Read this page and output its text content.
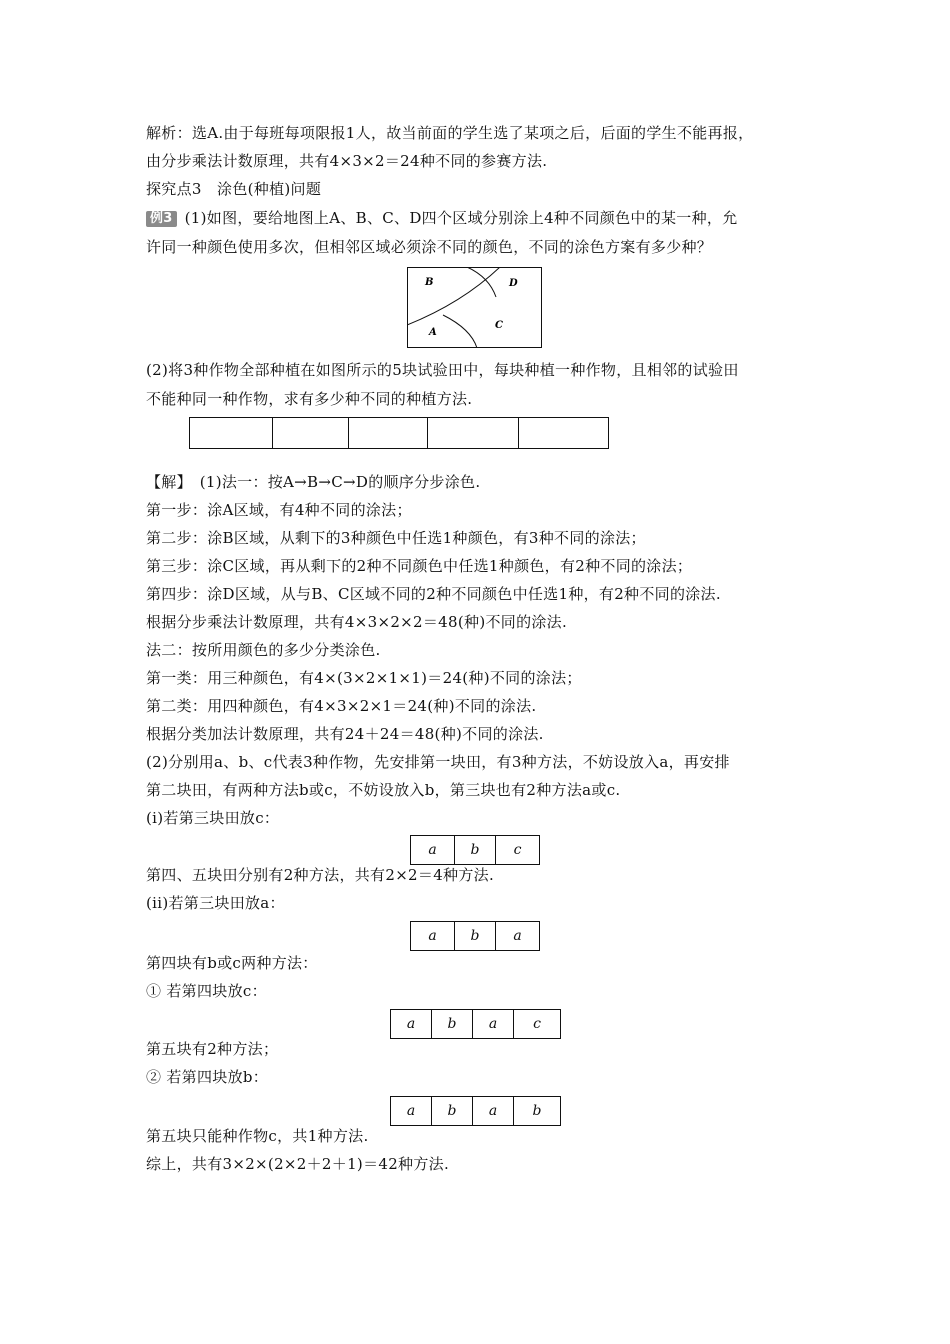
解析：选A.由于每班每项限报1人，故当前面的学生选了某项之后，后面的学生不能再报，
由分步乘法计数原理，共有4×3×2＝24种不同的参赛方法.
探究点3　涂色(种植)问题
例3 (1)如图，要给地图上A、B、C、D四个区域分别涂上4种不同颜色中的某一种，允
许同一种颜色使用多次，但相邻区域必须涂不同的颜色，不同的涂色方案有多少种？
B	D
A
C
(2)将3种作物全部种植在如图所示的5块试验田中，每块种植一种作物，且相邻的试验田
不能种同一种作物，求有多少种不同的种植方法.
【解】　(1)法一：按A→B→C→D的顺序分步涂色.
第一步：涂A区域，有4种不同的涂法；
第二步：涂B区域，从剩下的3种颜色中任选1种颜色，有3种不同的涂法；
第三步：涂C区域，再从剩下的2种不同颜色中任选1种颜色，有2种不同的涂法；
第四步：涂D区域，从与B、C区域不同的2种不同颜色中任选1种，有2种不同的涂法.
根据分步乘法计数原理，共有4×3×2×2＝48(种)不同的涂法.
法二：按所用颜色的多少分类涂色.
第一类：用三种颜色，有4×(3×2×1×1)＝24(种)不同的涂法；
第二类：用四种颜色，有4×3×2×1＝24(种)不同的涂法.
根据分类加法计数原理，共有24＋24＝48(种)不同的涂法.
(2)分别用a、b、c代表3种作物，先安排第一块田，有3种方法，不妨设放入a，再安排
第二块田，有两种方法b或c，不妨设放入b，第三块也有2种方法a或c.
(i)若第三块田放c：
a	b	c
第四、五块田分别有2种方法，共有2×2＝4种方法.
(ii)若第三块田放a：
a	b	a
第四块有b或c两种方法：
① 若第四块放c：
a	b	a	c
第五块有2种方法；
② 若第四块放b：
a	b	a	b
第五块只能种作物c，共1种方法.
综上，共有3×2×(2×2＋2＋1)＝42种方法.
